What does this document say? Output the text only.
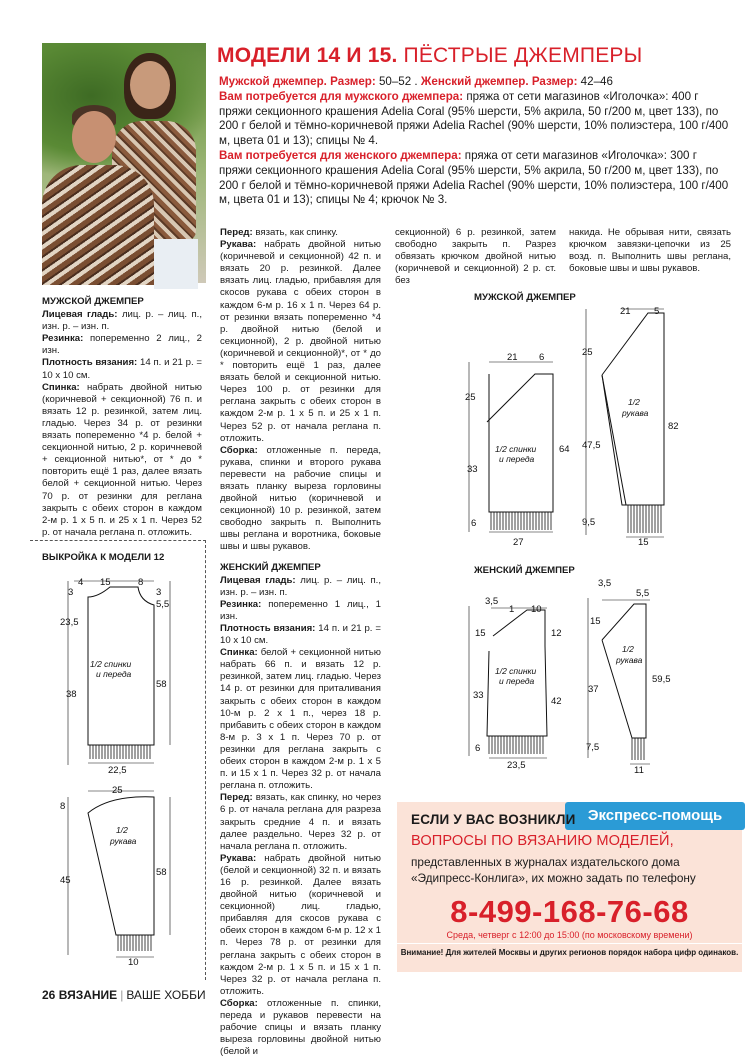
МОДЕЛИ 14 И 15. ПЁСТРЫЕ ДЖЕМПЕРЫ
Мужской джемпер. Размер: 50–52 . Женский джемпер. Размер: 42–46
Вам потребуется для мужского джемпера: пряжа от сети магазинов «Иголочка»: 400 г пряжи секционного крашения Adelia Coral (95% шерсти, 5% акрила, 50 г/200 м, цвет 133), по 200 г белой и тёмно-коричневой пряжи Adelia Rachel (90% шерсти, 10% полиэстера, 100 г/400 м, цвета 01 и 13); спицы № 4.
Вам потребуется для женского джемпера: пряжа от сети магазинов «Иголочка»: 300 г пряжи секционного крашения Adelia Coral (95% шерсти, 5% акрила, 50 г/200 м, цвет 133), по 200 г белой и тёмно-коричневой пряжи Adelia Rachel (90% шерсти, 10% полиэстера, 100 г/400 м, цвета 01 и 13); спицы № 4; крючок № 3.
МУЖСКОЙ ДЖЕМПЕР
Лицевая гладь: лиц. р. – лиц. п., изн. р. – изн. п.
Резинка: попеременно 2 лиц., 2 изн.
Плотность вязания: 14 п. и 21 р. = 10 х 10 см.
Спинка: набрать двойной нитью (коричневой + секционной) 76 п. и вязать 12 р. резинкой, затем лиц. гладью. Через 34 р. от резинки вязать попеременно *4 р. белой + секционной нитью, 2 р. коричневой + секционной нитью*, от * до * повторить ещё 1 раз, далее вязать белой + секционной нитью. Через 70 р. от резинки для реглана закрыть с обеих сторон в каждом 2-м р. 1 х 5 п. и 25 х 1 п. Через 52 р. от начала реглана п. отложить.
Перед: вязать, как спинку.
Рукава: набрать двойной нитью (коричневой и секционной) 42 п. и вязать 20 р. резинкой. Далее вязать лиц. гладью, прибавляя для скосов рукава с обеих сторон в каждом 6-м р. 16 х 1 п. Через 64 р. от резинки вязать попеременно *4 р. двойной нитью (белой и секционной), 2 р. двойной нитью (коричневой и секционной)*, от * до * повторить ещё 1 раз, далее вязать белой и секционной нитью. Через 100 р. от резинки для реглана закрыть с обеих сторон в каждом 2-м р. 1 х 5 п. и 25 х 1 п. Через 52 р. от начала реглана п. отложить.
Сборка: отложенные п. переда, рукава, спинки и второго рукава перевести на рабочие спицы и вязать планку выреза горловины двойной нитью (коричневой и секционной) 10 р. резинкой, затем свободно закрыть п. Выполнить швы реглана и воротника, боковые швы и швы рукавов.
ЖЕНСКИЙ ДЖЕМПЕР
Лицевая гладь: лиц. р. – лиц. п., изн. р. – изн. п.
Резинка: попеременно 1 лиц., 1 изн.
Плотность вязания: 14 п. и 21 р. = 10 х 10 см.
Спинка: белой + секционной нитью набрать 66 п. и вязать 12 р. резинкой, затем лиц. гладью. Через 14 р. от резинки для приталивания закрыть с обеих сторон в каждом 10-м р. 2 х 1 п., через 18 р. прибавить с обеих сторон в каждом 8-м р. 3 х 1 п. Через 70 р. от резинки для реглана закрыть с обеих сторон в каждом 2-м р. 1 х 5 п. и 15 х 1 п. Через 32 р. от начала реглана п. отложить.
Перед: вязать, как спинку, но через 6 р. от начала реглана для разреза закрыть средние 4 п. и вязать далее раздельно. Через 32 р. от начала реглана п. отложить.
Рукава: набрать двойной нитью (белой и секционной) 32 п. и вязать 16 р. резинкой. Далее вязать двойной нитью (коричневой и секционной) лиц. гладью, прибавляя для скосов рукава с обеих сторон в каждом 6-м р. 12 х 1 п. Через 78 р. от резинки для реглана закрыть с обеих сторон в каждом 2-м р. 1 х 5 п. и 15 х 1 п. Через 32 р. от начала реглана п. отложить.
Сборка: отложенные п. спинки, переда и рукавов перевести на рабочие спицы и вязать планку выреза горловины двойной нитью (белой и
секционной) 6 р. резинкой, затем свободно закрыть п. Разрез обвязать крючком двойной нитью (коричневой и секционной) 2 р. ст. без
накида. Не обрывая нити, связать крючком завязки-цепочки из 25 возд. п. Выполнить швы реглана, боковые швы и швы рукавов.
МУЖСКОЙ ДЖЕМПЕР
ЖЕНСКИЙ ДЖЕМПЕР
ВЫКРОЙКА К МОДЕЛИ 12
21 6
25
33
6
64
27
1/2 спинки
и переда
21 5
25
47,5
9,5
82
15
1/2
рукава
3,5
1 10
15
33
6
12
42
23,5
1/2 спинки
и переда
3,5
5,5
15
37
7,5
59,5
11
1/2
рукава
4 15	8
3
23,5
38
3
5,5
58
22,5
1/2 спинки
и переда
25
8
45
58
10
1/2
рукава
Экспресс-помощь
ЕСЛИ У ВАС ВОЗНИКЛИ
ВОПРОСЫ ПО ВЯЗАНИЮ МОДЕЛЕЙ,
представленных в журналах издательского дома
«Эдипресс-Конлига», их можно задать по телефону
8-499-168-76-68
Среда, четверг с 12:00 до 15:00 (по московскому времени)
Внимание! Для жителей Москвы и других регионов порядок набора цифр одинаков.
26 ВЯЗАНИЕ | ВАШЕ ХОББИ
